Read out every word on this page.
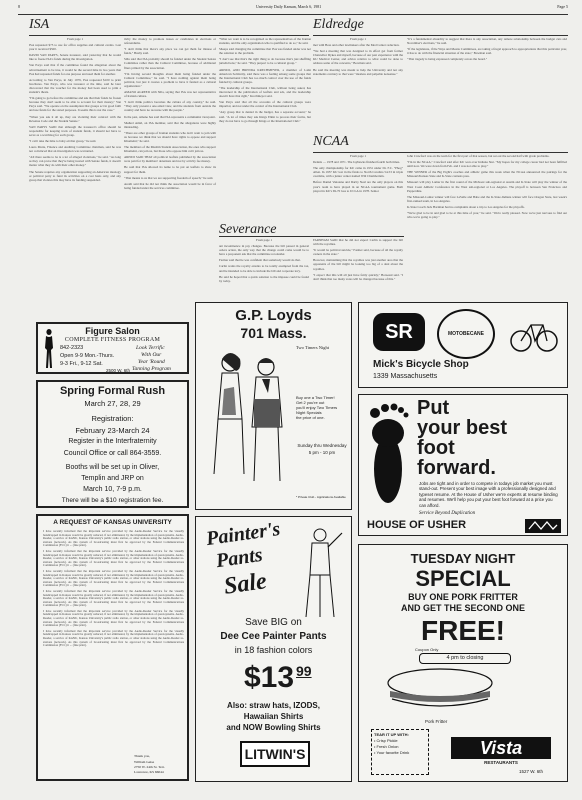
8	University Daily Kansan, March 6, 1981	Page 5
ISA

From page 1

ISA requested $75 to use for office supplies and cultural events. Last year it received $500.

DAVID VAN PARYS, Senate treasurer, said yesterday that he would like to freeze ISA's funds during the investigation.

Van Parys said that if the committee found the allegation about the advertisement to be true, it would be the second time in two years that ISA had requested funds for one purpose and used them for another.

According to Van Parys, in July 1979, ISA requested $100 to print brochures. Van Parys, who was treasurer at the time, said he later discovered that the voucher for the money had been used to print a student's thesis.

"I'm going to go before the committee and ask that their funds be frozen because they don't seem to be able to account for their money," Van Parys said. "We operate on the assumption that groups act in good faith and use funds for the stated purposes. It seems this is not the case."

"When you ask it all up, they are violating their contract with the Revenue Code and the Student Senate."

VAN PARYS SAID that although the treasurer's office should be responsible for keeping track of student funds, it should not have to serve as a watchdog for each group.

"I can't take the time to baby-sit that group," he said.

Laura Marie, Finance and Auditing Committee chairman, said he was not convinced that an investigation was warranted.

"All there seems to be is a lot of alleged violations," he said. "As long as they can prove that they're being treated with Senate funds, it doesn't matter what they do with their other money."

The Senate requires any organization supporting an American ideology or political party to fund its activities on a cost basis only, and any group that violates this may have its funding suspended.

tivity the money to promote issues or candidates in elections or referendums.

"I don't think that there's any place we can get them for misuse of funds," Busby said.

Silla said that ISA probably should be funded under the Student Senate Committee rather than the Cultural Committee, because of additional fliers printed by the association.

"I'm having second thoughts about them being funded under the Cultural Committee," he said. "I have nothing against them being political, but just it creates a problem to have it funded as a cultural organization."

AMANO AGREED with Silla, saying that ISA was not representative of Iranian culture.

"I don't think politics becomes the culture of any country," he said. "They only present a one-sided view, and the students from outside the country and have no recourse with the people."

In the past, Amano has said that ISA represents a communist viewpoint.

Shahrel Amid, an ISA member, said that the allegations were highly misleading.

"There are other groups of Iranian students who don't want to join with us because we think that we should have rights to oppose and support Khomeini," he said.

The members of the Muslim Student Association, the ones who support Khomeini, can join us, but those who oppose him can't join us.

AREIDI SAID THAT all political leaflets published by the association were paid for by members' donations and not by activity fee money.

He said that ISA allowed its name to be put on leaflets to show its support for them.

"That means to us that we are supporting freedom of speech," he said.

Areidi said that he did not think the association would be in favor of being funded under the services committee.

"What we want is to be recognized as the representatives of the Iranian students, and the only organization who is qualified to do so," he said.

Shaeps said changing the committee that ISA was funded under was not the solution to the problem.

"I don't see that that's the right thing to do because that's just shuffling jurisdictions," he said. "They purport to be a cultural group."

AREIDI, AND BRENDA KRECHMEYER, a member of Latin American Solidarity, said there was a feeling among some groups that the International Club has too much control over the use of the funds funded by cultural groups.

"The leadership of the International Club, without being asked, has intervened in the publication of leaflets and ads, and the leadership doesn't have that right," Krechmeyer said.

Van Parys said that all the accounts of the cultural groups were impartial, and not under the control of the International Club.

"Any group that is denied in the budget, has a separate account," he said. "A lot of times they ask Kings Elkin to process their forms, but they do not have to go through Kings or the International Club."

Severance

From page 1

ant incontinence in pay changes. Because the bill passed in general orders action, the only way that the change could come would be to have a proponent ask that the committee reconsider.

Farmer said that he was confident that somebody would do that.

Carlin wants the royalty extents to be totally exempted from the tax, and he intended to be able to include the bill and corporate levy.

He said he hoped that a quick solution to the impasse could be found by today.

FARNHAM SAID that he did not expect Carlin to support the bill with the royalties.

"It would be political suicide," Farmer said, because of all the royalty owners in the state."

However, maintaining that the royalties was just another area that the opponents of the bill might be looking too big of a deal about the royalties.

"I expect that this will all just have fairly quickly," Horseaul said. "I don't think that too many votes will be changed because of this."

Eldredge

From page 1

met with Hess and other lawmakers after the Med Center reduction.

"We had a meeting that was designed to in effect get from former Chancellor Dykes and myself, because of our past experience with the KU Medical Center, and advice relative to what could be done to address some of the concerns," Bowman said.

He said the meeting was meant to help the University and not any statements contrary to that were "idealess and palpable nonsense."

"It's a fundamental absurdity to suggest that there is any association, any remote relationship between the budget cuts and November's elections," he said.

"If the legislature, if the Ways and Means Committees, are taking a frugal approach to appropriations that this particular year, it has to do with the financial situation of the state," Bowman said.

"That tragedy is being expressed completely across the board."

NCAA

From page 1

Dennis — 1978 and 1971. The Jayhawks finished fourth both times.

The only championship for KU came in 1931 under Dr. F.C. "Phog" Allen. In 1957 KU lost in the finals to North Carolina 54-53 in triple overtime, with a junior center named Wilt Chamberlain.

Before Daniel Vanatene and Darby Neal are the only players on this year's team to have played in an NCAA tournament game. Both played in KU's 69-70 loss to UCLA in 1978. Senior

John Crawford was on the team for the first part of that season, but sat out the second half with grade problems.

"I'm in the NCAA," Crawford said after KU won over Indiana Stut. "My hopes for my college career had not been fulfilled until now. We were down from Feb. and I was not able to play."

THE WINNER of the Big Eight's coaches and athletic game this week when the NCAA announced the pairings for the Missouri/Kansas State and K-State contests pass.

Missouri will play Lamar in the first round of the Midwest sub-regional at Austin and K-State will play the winner of the West Coast Athletic Conference in the West sub-regional at Los Angeles. The playoff is between San Francisco and Pepperdine.

The Missouri-Lamar winner will face LaSalle and Babe and the K-State-Indiana winner will face Oregon State, last week's first-ranked team, in Los Angeles.

K-State Coach Jack Hartman had no complaints about a trip to Los Angeles for the playoffs.

"We're glad to be in and glad to be at this time of year," he said. "We're really pleased. Now we're just nervous to find out who we're going to play."

Figure Salon
COMPLETE FITNESS PROGRAM
842-2323
Open 9-9 Mon.-Thurs.
9-3 Fri., 9-12 Sat.
2500 W. 6th
Look Terrific
With Our
Year 'Round
Tanning Program
Spring Formal Rush
March 27, 28, 29
Registration:
February 23-March 24
Register in the Interfraternity
Council Office or call 864-3559.
Booths will be set up in Oliver,
Templin and JRP on
March 10, 7-9 p.m.
There will be a $10 registration fee.
A REQUEST OF KANSAS UNIVERSITY

I have recently informed that the important service provided by the Audio-Reader Service for the visually handicapped in Kansas would be greatly reduced, if not eliminated, by the implementation of quad-systems. Audio-Reader, a service of KANU, Kansas University's public radio station, or other stations using the Audio-Reader re-stations (network). As this system of broadcasting must first be approved by the Federal Communications Commission (FCC) it ... (fine print).

I have recently informed that the important service provided by the Audio-Reader Service for the visually handicapped in Kansas would be greatly reduced, if not eliminated, by the implementation of quad-systems. Audio-Reader, a service of KANU, Kansas University's public radio station, or other stations using the Audio-Reader re-stations (network). As this system of broadcasting must first be approved by the Federal Communications Commission (FCC) it ... (fine print).

I have recently informed that the important service provided by the Audio-Reader Service for the visually handicapped in Kansas would be greatly reduced, if not eliminated, by the implementation of quad-systems. Audio-Reader, a service of KANU, Kansas University's public radio station, or other stations using the Audio-Reader re-stations (network). As this system of broadcasting must first be approved by the Federal Communications Commission (FCC) it ... (fine print).

I have recently informed that the important service provided by the Audio-Reader Service for the visually handicapped in Kansas would be greatly reduced, if not eliminated, by the implementation of quad-systems. Audio-Reader, a service of KANU, Kansas University's public radio station, or other stations using the Audio-Reader re-stations (network). As this system of broadcasting must first be approved by the Federal Communications Commission (FCC) it ... (fine print).

I have recently informed that the important service provided by the Audio-Reader Service for the visually handicapped in Kansas would be greatly reduced, if not eliminated, by the implementation of quad-systems. Audio-Reader, a service of KANU, Kansas University's public radio station, or other stations using the Audio-Reader re-stations (network). As this system of broadcasting must first be approved by the Federal Communications Commission (FCC) it ... (fine print).

I have recently informed that the important service provided by the Audio-Reader Service for the visually handicapped in Kansas would be greatly reduced, if not eliminated, by the implementation of quad-systems. Audio-Reader, a service of KANU, Kansas University's public radio station, or other stations using the Audio-Reader re-stations (network). As this system of broadcasting must first be approved by the Federal Communications Commission (FCC) it ... (fine print).

Thank you,
William Geise
2750 W. 24th St. Terr.
Lawrence, KS 66044
G.P. Loyds
701 Mass.
Two Timers Night
Buy one a Two Timer!
Get 2 you're out
you'll enjoy Two Timers
Night Specials
the price of one.
Sunday thru Wednesday
5 pm - 10 pm
* Private Club - Applications Available
Painter's
Pants
Sale
Save BIG on
Dee Cee Painter Pants
in 18 fashion colors
$13 99
Also: straw hats, IZODS,
Hawaiian Shirts
and NOW Bowling Shirts
LITWIN'S
SR	MOTOBECANE
Mick's Bicycle Shop
1339 Massachusetts
Put
your best
foot
forward.
Jobs are tight and in order to compete in todays job market you must stand-out. Present your best image with a professionally designed and typeset resume. At the House of Usher we're experts at resume binding and resumes. We'll help you put your best foot forward at a price you can afford.
Service Beyond Duplication
HOUSE OF USHER
TUESDAY NIGHT
SPECIAL
BUY ONE PORK FRITTER
AND GET THE SECOND ONE
FREE!
Coupon Only
4 pm to closing
Pork Fritter
TEAR IT UP WITH:
• Crisp Pickle
• Fresh Onion
• Your favorite Drink	Vista
RESTAURANTS
1527 W. 6th
